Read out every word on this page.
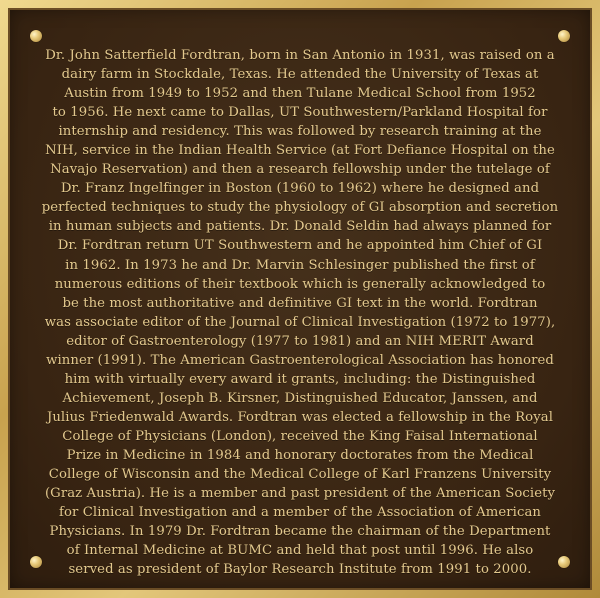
Dr. John Satterfield Fordtran, born in San Antonio in 1931, was raised on a
dairy farm in Stockdale, Texas. He attended the University of Texas at
Austin from 1949 to 1952 and then Tulane Medical School from 1952
to 1956. He next came to Dallas, UT Southwestern/Parkland Hospital for
internship and residency. This was followed by research training at the
NIH, service in the Indian Health Service (at Fort Defiance Hospital on the
Navajo Reservation) and then a research fellowship under the tutelage of
Dr. Franz Ingelfinger in Boston (1960 to 1962) where he designed and
perfected techniques to study the physiology of GI absorption and secretion
in human subjects and patients. Dr. Donald Seldin had always planned for
Dr. Fordtran return UT Southwestern and he appointed him Chief of GI
in 1962. In 1973 he and Dr. Marvin Schlesinger published the first of
numerous editions of their textbook which is generally acknowledged to
be the most authoritative and definitive GI text in the world. Fordtran
was associate editor of the Journal of Clinical Investigation (1972 to 1977),
editor of Gastroenterology (1977 to 1981) and an NIH MERIT Award
winner (1991). The American Gastroenterological Association has honored
him with virtually every award it grants, including: the Distinguished
Achievement, Joseph B. Kirsner, Distinguished Educator, Janssen, and
Julius Friedenwald Awards. Fordtran was elected a fellowship in the Royal
College of Physicians (London), received the King Faisal International
Prize in Medicine in 1984 and honorary doctorates from the Medical
College of Wisconsin and the Medical College of Karl Franzens University
(Graz Austria). He is a member and past president of the American Society
for Clinical Investigation and a member of the Association of American
Physicians. In 1979 Dr. Fordtran became the chairman of the Department
of Internal Medicine at BUMC and held that post until 1996. He also
served as president of Baylor Research Institute from 1991 to 2000.
